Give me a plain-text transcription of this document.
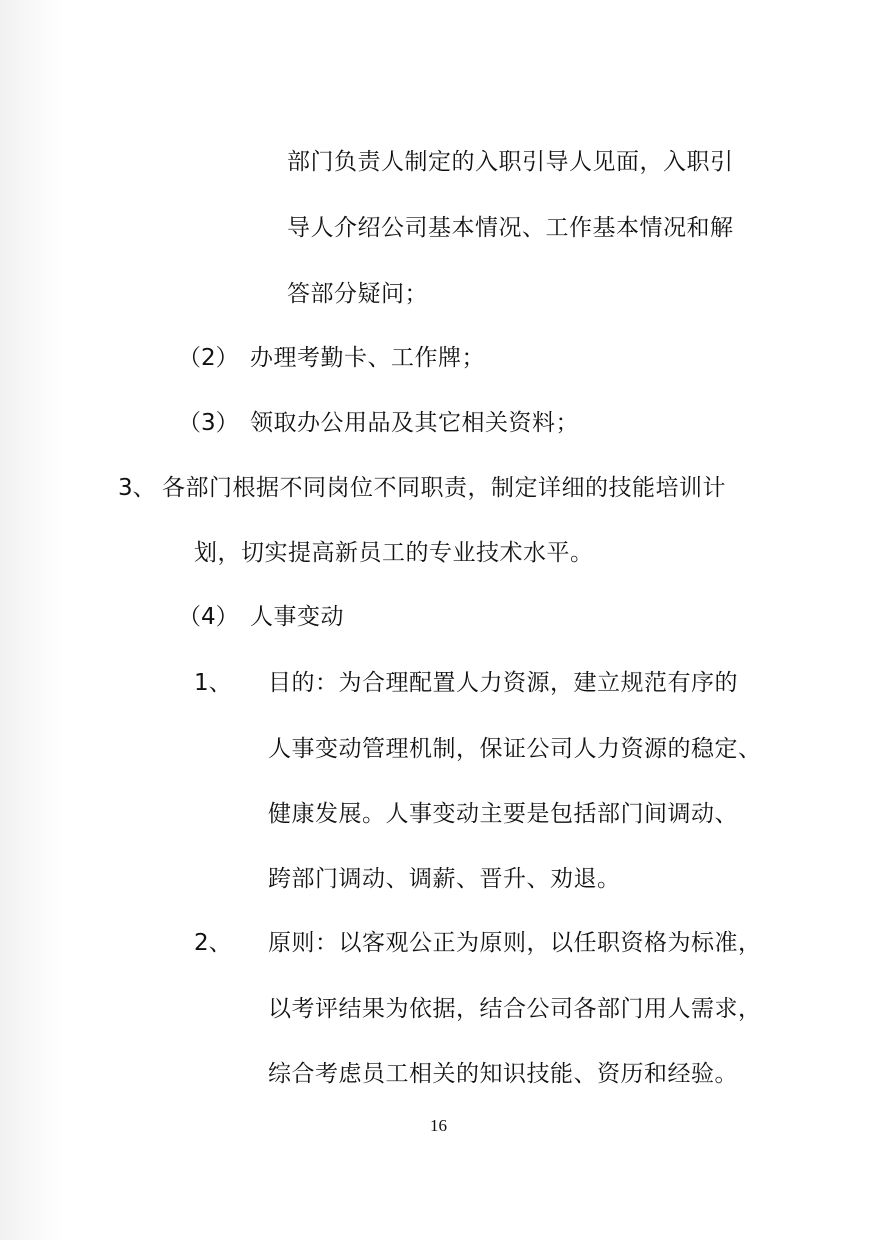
部门负责人制定的入职引导人见面，入职引
导人介绍公司基本情况、工作基本情况和解
答部分疑问；
（2） 办理考勤卡、工作牌；
（3） 领取办公用品及其它相关资料；
3、 各部门根据不同岗位不同职责，制定详细的技能培训计
划，切实提高新员工的专业技术水平。
（4） 人事变动
1、 目的：为合理配置人力资源，建立规范有序的
人事变动管理机制，保证公司人力资源的稳定、
健康发展。人事变动主要是包括部门间调动、
跨部门调动、调薪、晋升、劝退。
2、 原则：以客观公正为原则，以任职资格为标准，
以考评结果为依据，结合公司各部门用人需求，
综合考虑员工相关的知识技能、资历和经验。
16
